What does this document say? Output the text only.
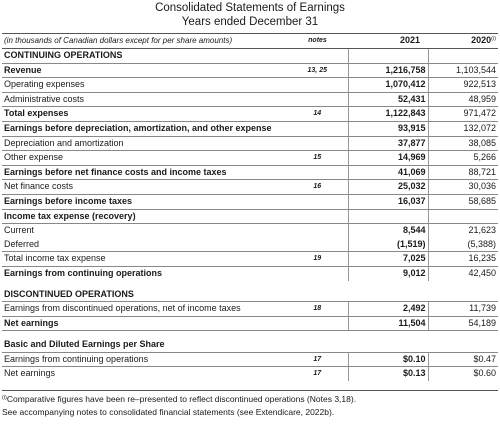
Consolidated Statements of Earnings
Years ended December 31
(in thousands of Canadian dollars except for per share amounts)	notes	2021	2020$^{(i)}$
CONTINUING OPERATIONS			
Revenue	13, 25	1,216,758	1,103,544
Operating expenses		1,070,412	922,513
Administrative costs		52,431	48,959
Total expenses	14	1,122,843	971,472
Earnings before depreciation, amortization, and other expense		93,915	132,072
Depreciation and amortization		37,877	38,085
Other expense	15	14,969	5,266
Earnings before net finance costs and income taxes		41,069	88,721
Net finance costs	16	25,032	30,036
Earnings before income taxes		16,037	58,685
Income tax expense (recovery)			
Current		8,544	21,623
Deferred		(1,519)	(5,388)
Total income tax expense	19	7,025	16,235
Earnings from continuing operations		9,012	42,450

DISCONTINUED OPERATIONS			
Earnings from discontinued operations, net of income taxes	18	2,492	11,739
Net earnings		11,504	54,189

Basic and Diluted Earnings per Share			
Earnings from continuing operations	17	$0.10	$0.47
Net earnings	17	$0.13	$0.60
$^{(i)}$Comparative figures have been re–presented to reflect discontinued operations (Notes 3,18).
See accompanying notes to consolidated financial statements (see Extendicare, 2022b).
